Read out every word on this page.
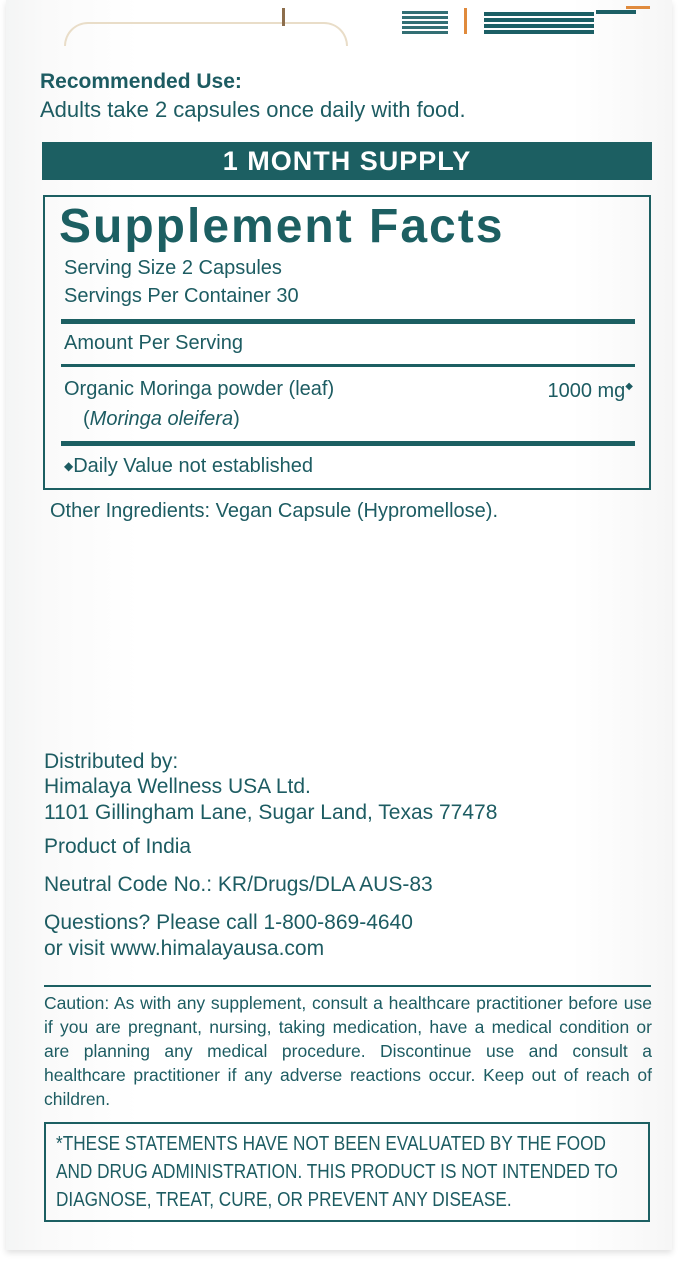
Recommended Use:
Adults take 2 capsules once daily with food.
1 MONTH SUPPLY
Supplement Facts
Serving Size 2 Capsules
Servings Per Container 30
Amount Per Serving
Organic Moringa powder (leaf)	1000 mg◆
(Moringa oleifera)
◆Daily Value not established
Other Ingredients: Vegan Capsule (Hypromellose).
Distributed by:
Himalaya Wellness USA Ltd.
1101 Gillingham Lane, Sugar Land, Texas 77478
Product of India
Neutral Code No.: KR/Drugs/DLA AUS-83
Questions? Please call 1-800-869-4640
or visit www.himalayausa.com
Caution: As with any supplement, consult a healthcare practitioner before use if you are pregnant, nursing, taking medication, have a medical condition or are planning any medical procedure. Discontinue use and consult a healthcare practitioner if any adverse reactions occur. Keep out of reach of children.
*THESE STATEMENTS HAVE NOT BEEN EVALUATED BY THE FOOD AND DRUG ADMINISTRATION. THIS PRODUCT IS NOT INTENDED TO DIAGNOSE, TREAT, CURE, OR PREVENT ANY DISEASE.
